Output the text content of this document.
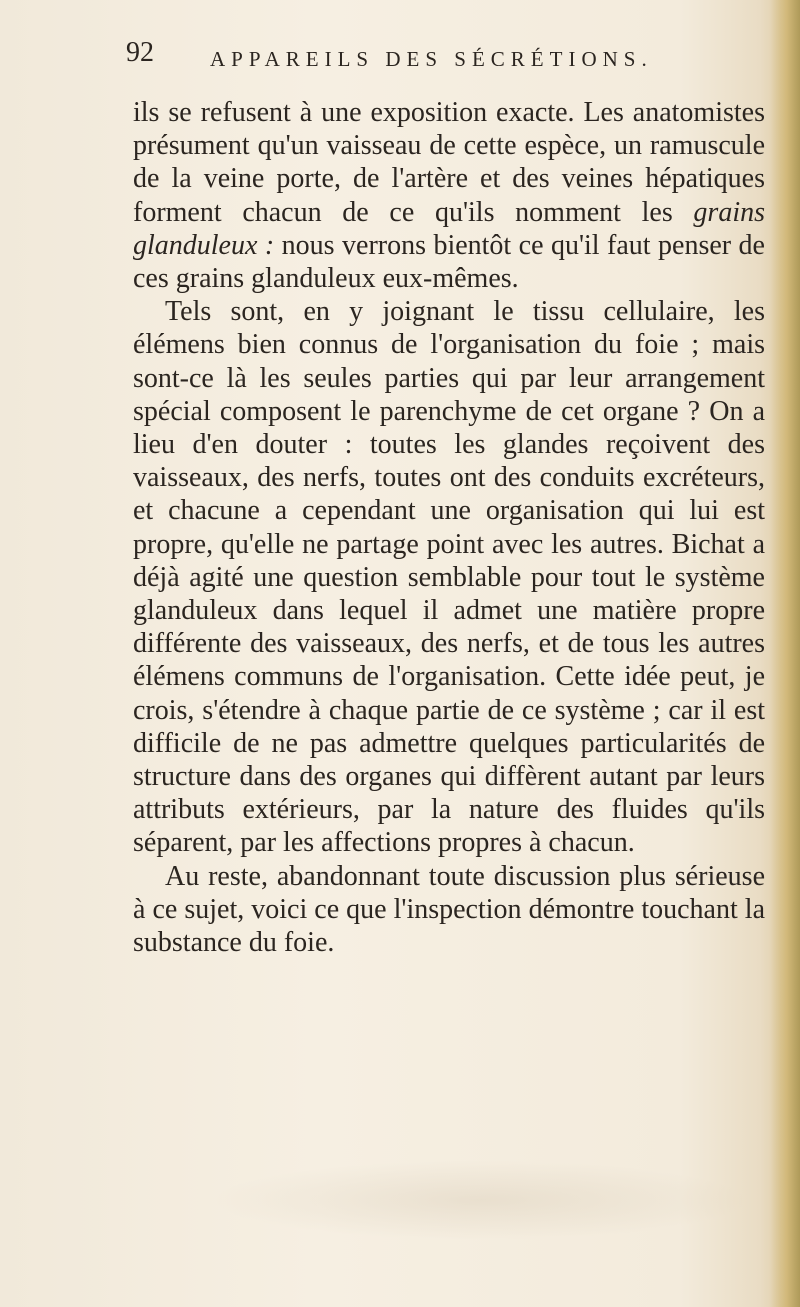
92	APPAREILS DES SÉCRÉTIONS.

ils se refusent à une exposition exacte. Les anatomistes présument qu'un vaisseau de cette espèce, un ramuscule de la veine porte, de l'artère et des veines hépatiques forment chacun de ce qu'ils nomment les grains glanduleux : nous verrons bientôt ce qu'il faut penser de ces grains glanduleux eux-mêmes.

Tels sont, en y joignant le tissu cellulaire, les élémens bien connus de l'organisation du foie ; mais sont-ce là les seules parties qui par leur arrangement spécial composent le parenchyme de cet organe ? On a lieu d'en douter : toutes les glandes reçoivent des vaisseaux, des nerfs, toutes ont des conduits excréteurs, et chacune a cependant une organisation qui lui est propre, qu'elle ne partage point avec les autres. Bichat a déjà agité une question semblable pour tout le système glanduleux dans lequel il admet une matière propre différente des vaisseaux, des nerfs, et de tous les autres élémens communs de l'organisation. Cette idée peut, je crois, s'étendre à chaque partie de ce système ; car il est difficile de ne pas admettre quelques particularités de structure dans des organes qui diffèrent autant par leurs attributs extérieurs, par la nature des fluides qu'ils séparent, par les affections propres à chacun.

Au reste, abandonnant toute discussion plus sérieuse à ce sujet, voici ce que l'inspection démontre touchant la substance du foie.
